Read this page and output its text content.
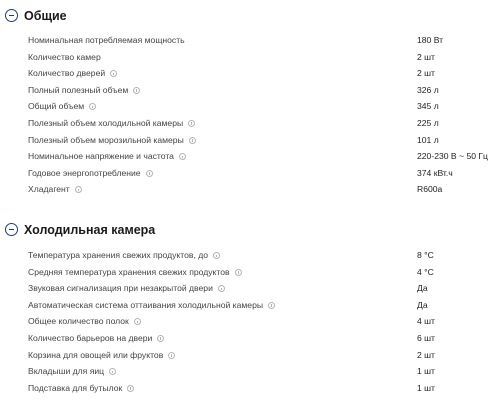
Общие
Номинальная потребляемая мощность	180 Вт
Количество камер	2 шт
Количество дверей	2 шт
Полный полезный объем	326 л
Общий объем	345 л
Полезный объем холодильной камеры	225 л
Полезный объем морозильной камеры	101 л
Номинальное напряжение и частота	220-230 В ~ 50 Гц
Годовое энергопотребление	374 кВт.ч
Хладагент	R600a
Холодильная камера
Температура хранения свежих продуктов, до	8 °C
Средняя температура хранения свежих продуктов	4 °C
Звуковая сигнализация при незакрытой двери	Да
Автоматическая система оттаивания холодильной камеры	Да
Общее количество полок	4 шт
Количество барьеров на двери	6 шт
Корзина для овощей или фруктов	2 шт
Вкладыши для яиц	1 шт
Подставка для бутылок	1 шт
